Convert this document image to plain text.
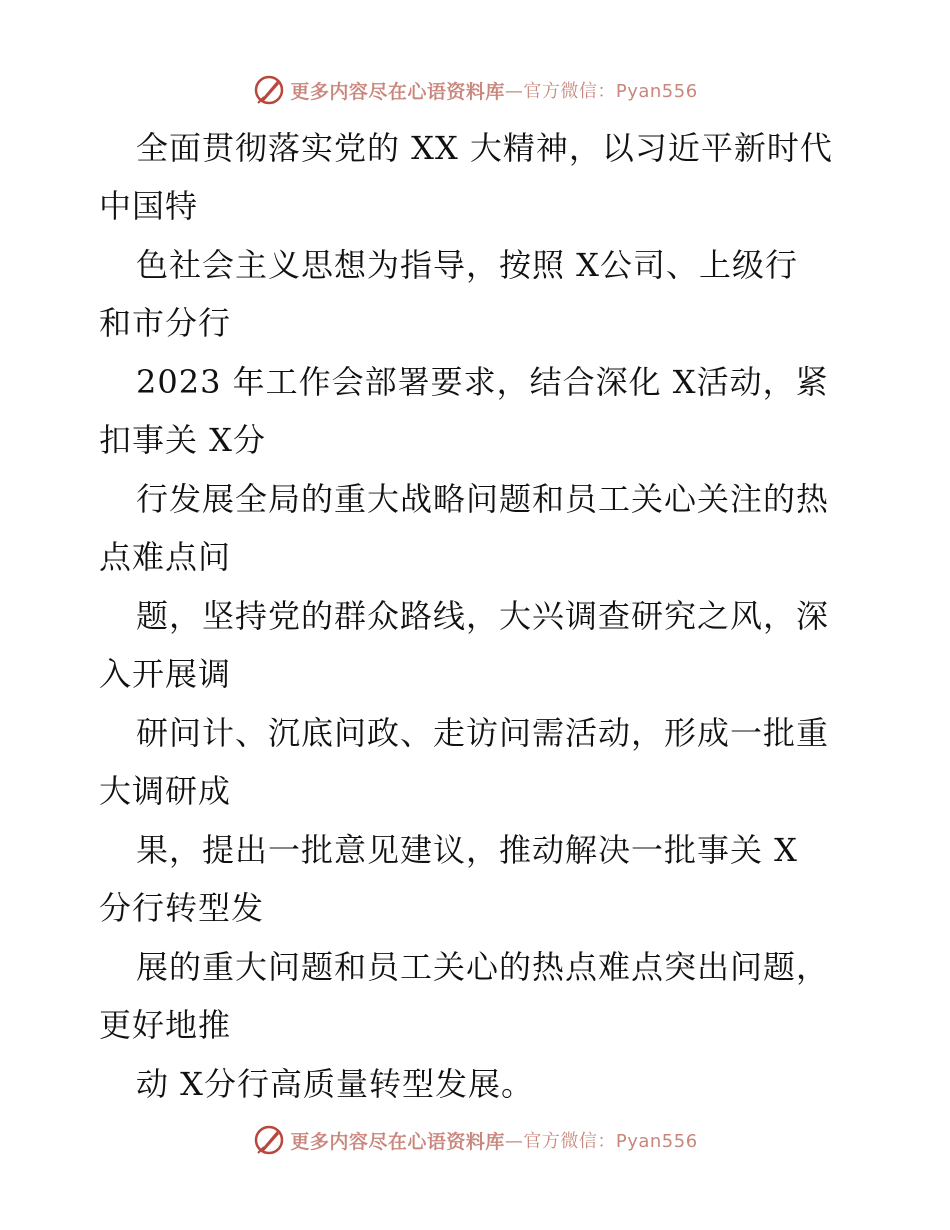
更多内容尽在心语资料库 —官方微信：Pyan556
全面贯彻落实党的 XX 大精神，以习近平新时代
中国特
色社会主义思想为指导，按照 X公司、上级行
和市分行
2023 年工作会部署要求，结合深化 X活动，紧
扣事关 X分
行发展全局的重大战略问题和员工关心关注的热
点难点问
题，坚持党的群众路线，大兴调查研究之风，深
入开展调
研问计、沉底问政、走访问需活动，形成一批重
大调研成
果，提出一批意见建议，推动解决一批事关 X
分行转型发
展的重大问题和员工关心的热点难点突出问题，
更好地推
动 X分行高质量转型发展。
更多内容尽在心语资料库 —官方微信：Pyan556
